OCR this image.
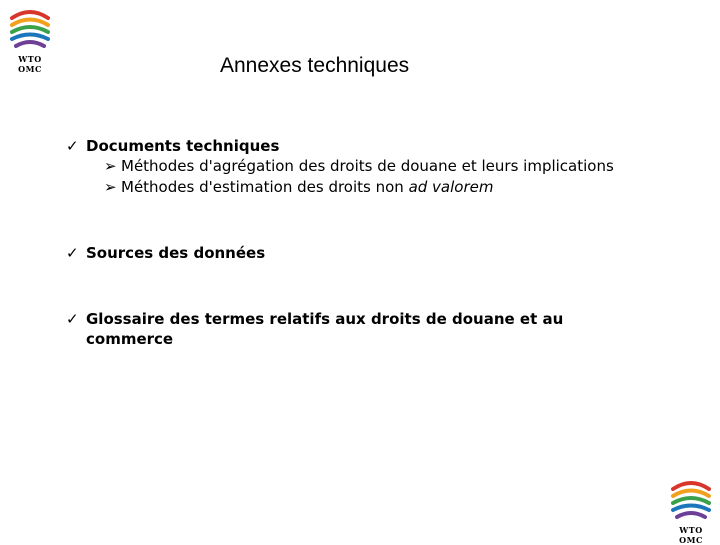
WTO OMC	Annexes techniques
✓ Documents techniques
➢ Méthodes d'agrégation des droits de douane et leurs implications
➢ Méthodes d'estimation des droits non ad valorem
✓ Sources des données
✓ Glossaire des termes relatifs aux droits de douane et au
commerce
WTO OMC
